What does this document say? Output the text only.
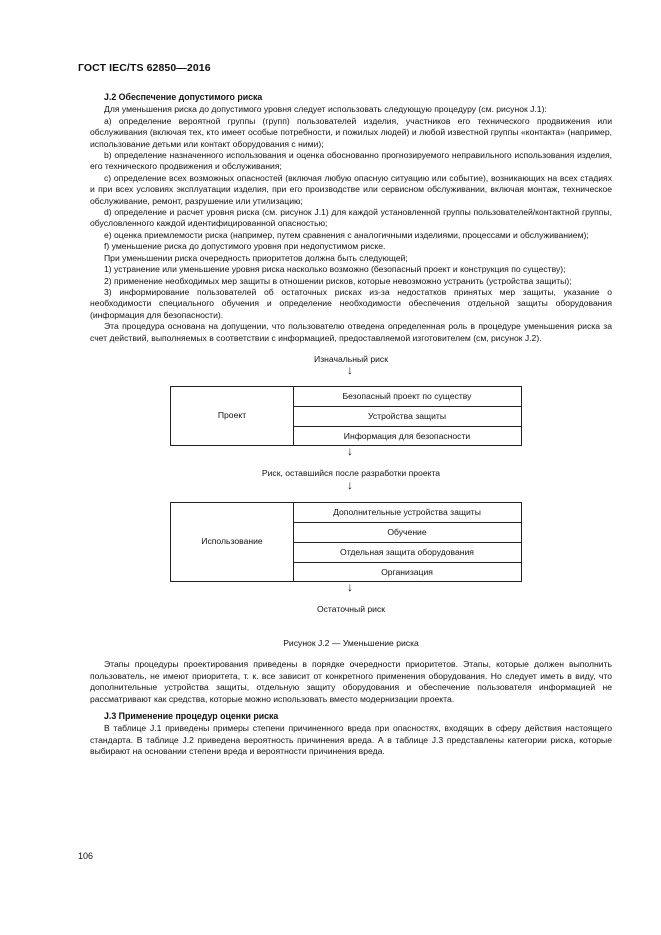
ГОСТ IEC/TS 62850—2016
J.2 Обеспечение допустимого риска

Для уменьшения риска до допустимого уровня следует использовать следующую процедуру (см. рисунок J.1):

a) определение вероятной группы (групп) пользователей изделия, участников его технического продвижения или обслуживания (включая тех, кто имеет особые потребности, и пожилых людей) и любой известной группы «контакта» (например, использование детьми или контакт оборудования с ними);

b) определение назначенного использования и оценка обоснованно прогнозируемого неправильного использования изделия, его технического продвижения и обслуживания;

c) определение всех возможных опасностей (включая любую опасную ситуацию или событие), возникающих на всех стадиях и при всех условиях эксплуатации изделия, при его производстве или сервисном обслуживании, включая монтаж, техническое обслуживание, ремонт, разрушение или утилизацию;

d) определение и расчет уровня риска (см. рисунок J.1) для каждой установленной группы пользователей/контактной группы, обусловленного каждой идентифицированной опасностью;

e) оценка приемлемости риска (например, путем сравнения с аналогичными изделиями, процессами и обслуживанием);

f) уменьшение риска до допустимого уровня при недопустимом риске.

При уменьшении риска очередность приоритетов должна быть следующей;

1) устранение или уменьшение уровня риска насколько возможно (безопасный проект и конструкция по существу);

2) применение необходимых мер защиты в отношении рисков, которые невозможно устранить (устройства защиты);

3) информирование пользователей об остаточных рисках из-за недостатков принятых мер защиты, указание о необходимости специального обучения и определение необходимости обеспечения отдельной защиты оборудования (информация для безопасности).

Эта процедура основана на допущении, что пользователю отведена определенная роль в процедуре уменьшения риска за счет действий, выполняемых в соответствии с информацией, предоставляемой изготовителем (см, рисунок J.2).

Изначальный риск
↓
Проект
Безопасный проект по существу
Устройства защиты
Информация для безопасности
↓
Риск, оставшийся после разработки проекта
↓
Использование
Дополнительные устройства защиты
Обучение
Отдельная защита оборудования
Организация
↓
Остаточный риск
Рисунок J.2 — Уменьшение риска

Этапы процедуры проектирования приведены в порядке очередности приоритетов. Этапы, которые должен выполнить пользователь, не имеют приоритета, т. к. все зависит от конкретного применения оборудования. Но следует иметь в виду, что дополнительные устройства защиты, отдельную защиту оборудования и обеспечение пользователя информацией не рассматривают как средства, которые можно использовать вместо модернизации проекта.

J.3 Применение процедур оценки риска

В таблице J.1 приведены примеры степени причиненного вреда при опасностях, входящих в сферу действия настоящего стандарта. В таблице J.2 приведена вероятность причинения вреда. А в таблице J.3 представлены категории риска, которые выбирают на основании степени вреда и вероятности причинения вреда.

106
